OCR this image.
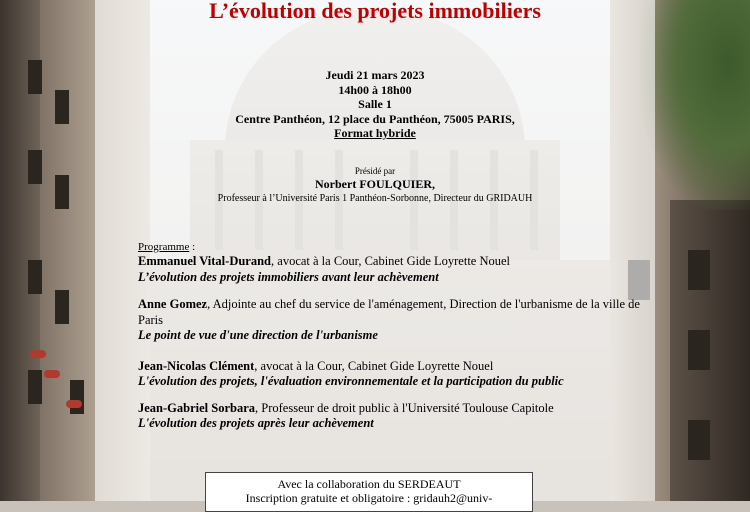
L’évolution des projets immobiliers
Jeudi 21 mars 2023
14h00 à 18h00
Salle 1
Centre Panthéon, 12 place du Panthéon, 75005 PARIS,
Format hybride
Présidé par
Norbert FOULQUIER,
Professeur à l’Université Paris 1 Panthéon-Sorbonne, Directeur du GRIDAUH
Programme :
Emmanuel Vital-Durand, avocat à la Cour, Cabinet Gide Loyrette Nouel
L’évolution des projets immobiliers avant leur achèvement
Anne Gomez, Adjointe au chef du service de l'aménagement, Direction de l'urbanisme de la ville de Paris
Le point de vue d'une direction de l'urbanisme
Jean-Nicolas Clément, avocat à la Cour, Cabinet Gide Loyrette Nouel
L'évolution des projets, l'évaluation environnementale et la participation du public
Jean-Gabriel Sorbara, Professeur de droit public à l'Université Toulouse Capitole
L'évolution des projets après leur achèvement
Avec la collaboration du SERDEAUT
Inscription gratuite et obligatoire : gridauh2@univ-
